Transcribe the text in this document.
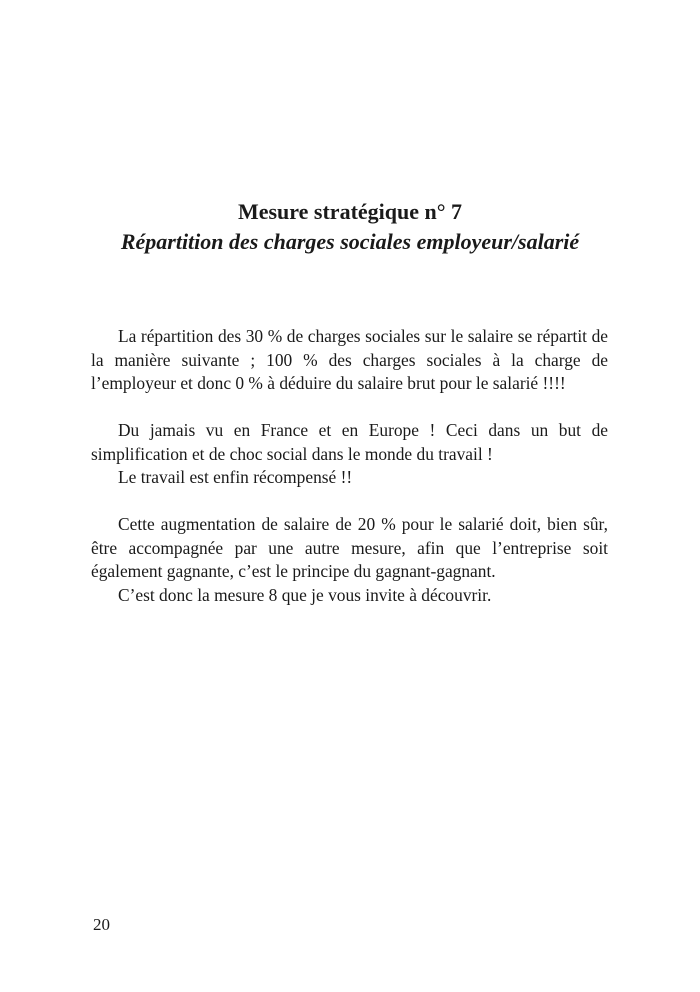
Mesure stratégique n° 7
Répartition des charges sociales employeur/salarié

La répartition des 30 % de charges sociales sur le salaire se répartit de la manière suivante ; 100 % des charges sociales à la charge de l’employeur et donc 0 % à déduire du salaire brut pour le salarié !!!!

Du jamais vu en France et en Europe ! Ceci dans un but de simplification et de choc social dans le monde du travail !

Le travail est enfin récompensé !!

Cette augmentation de salaire de 20 % pour le salarié doit, bien sûr, être accompagnée par une autre mesure, afin que l’entreprise soit également gagnante, c’est le principe du gagnant-gagnant.

C’est donc la mesure 8 que je vous invite à découvrir.

20
